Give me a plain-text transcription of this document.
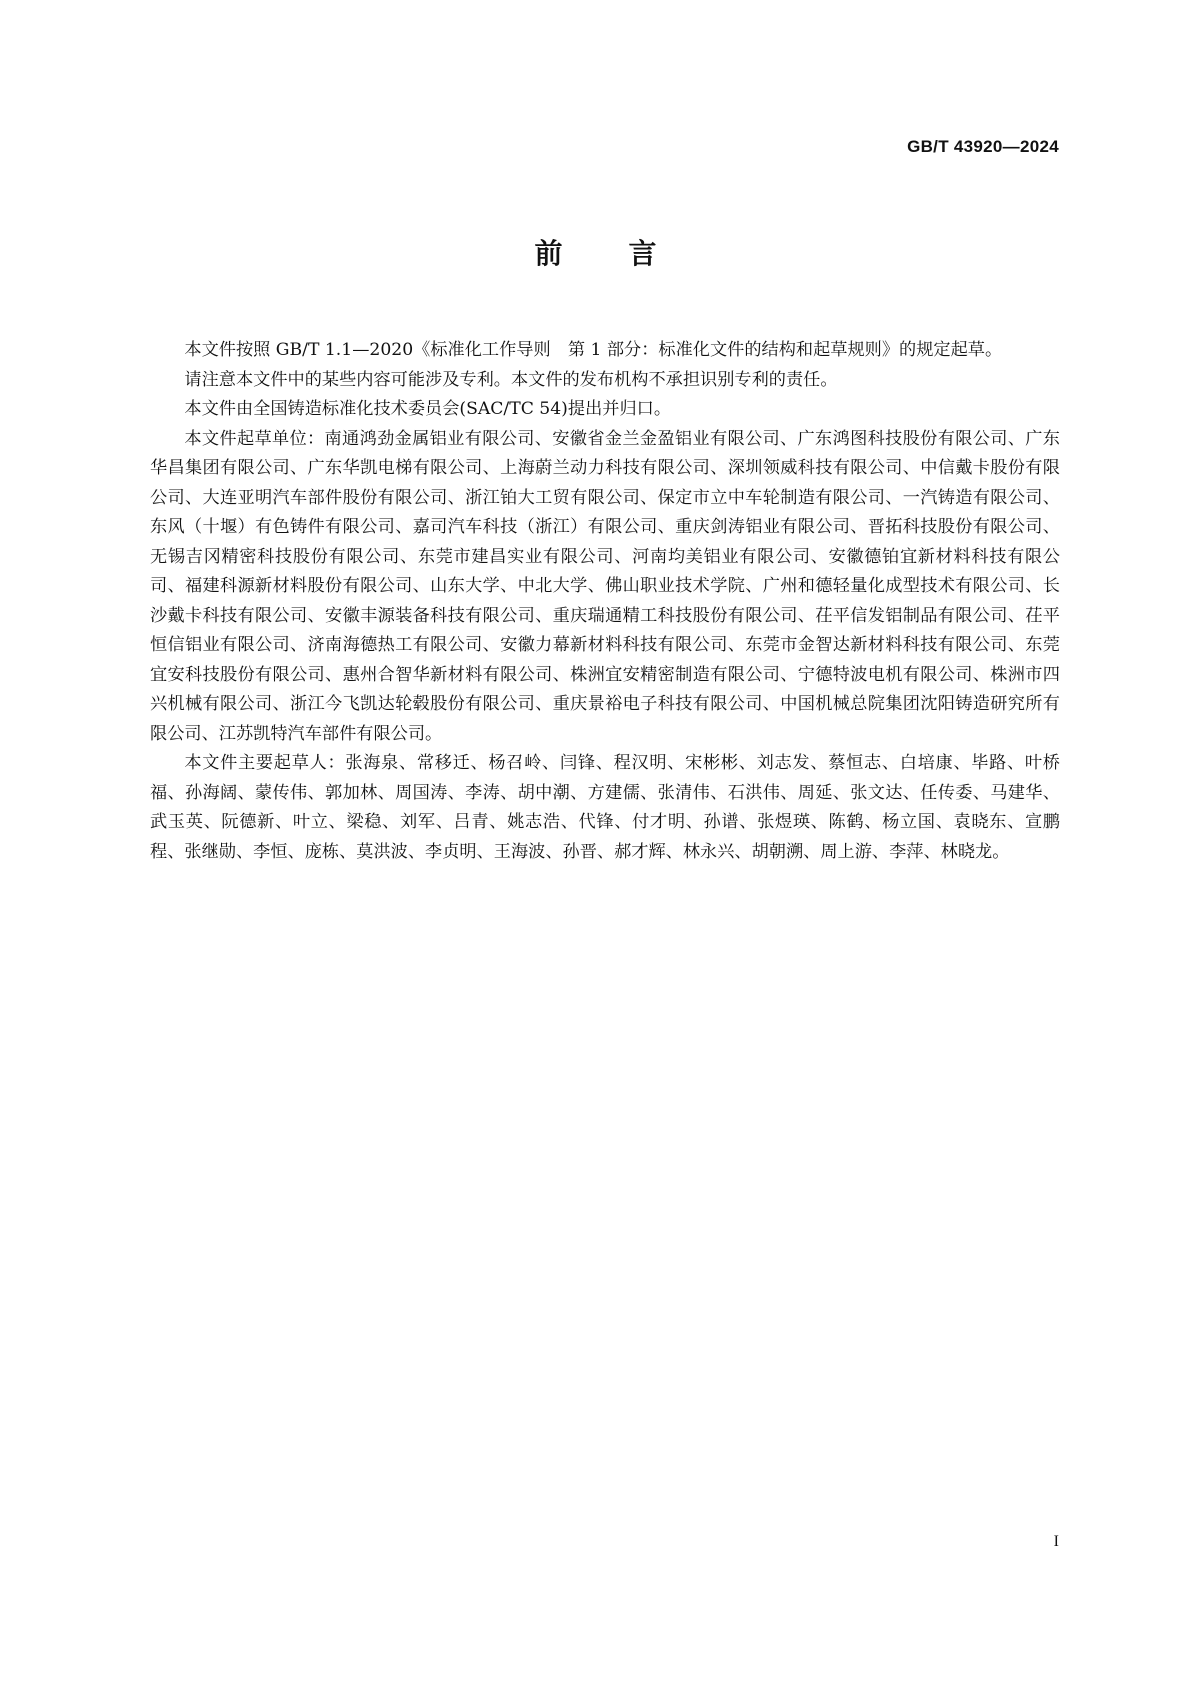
GB/T 43920—2024
前 言

本文件按照 GB/T 1.1—2020《标准化工作导则　第 1 部分：标准化文件的结构和起草规则》的规定起草。

请注意本文件中的某些内容可能涉及专利。本文件的发布机构不承担识别专利的责任。

本文件由全国铸造标准化技术委员会(SAC/TC 54)提出并归口。

本文件起草单位：南通鸿劲金属铝业有限公司、安徽省金兰金盈铝业有限公司、广东鸿图科技股份有限公司、广东华昌集团有限公司、广东华凯电梯有限公司、上海蔚兰动力科技有限公司、深圳领威科技有限公司、中信戴卡股份有限公司、大连亚明汽车部件股份有限公司、浙江铂大工贸有限公司、保定市立中车轮制造有限公司、一汽铸造有限公司、东风（十堰）有色铸件有限公司、嘉司汽车科技（浙江）有限公司、重庆剑涛铝业有限公司、晋拓科技股份有限公司、无锡吉冈精密科技股份有限公司、东莞市建昌实业有限公司、河南均美铝业有限公司、安徽德铂宜新材料科技有限公司、福建科源新材料股份有限公司、山东大学、中北大学、佛山职业技术学院、广州和德轻量化成型技术有限公司、长沙戴卡科技有限公司、安徽丰源装备科技有限公司、重庆瑞通精工科技股份有限公司、茌平信发铝制品有限公司、茌平恒信铝业有限公司、济南海德热工有限公司、安徽力幕新材料科技有限公司、东莞市金智达新材料科技有限公司、东莞宜安科技股份有限公司、惠州合智华新材料有限公司、株洲宜安精密制造有限公司、宁德特波电机有限公司、株洲市四兴机械有限公司、浙江今飞凯达轮毂股份有限公司、重庆景裕电子科技有限公司、中国机械总院集团沈阳铸造研究所有限公司、江苏凯特汽车部件有限公司。

本文件主要起草人：张海泉、常移迁、杨召岭、闫锋、程汉明、宋彬彬、刘志发、蔡恒志、白培康、毕路、叶桥福、孙海阔、蒙传伟、郭加林、周国涛、李涛、胡中潮、方建儒、张清伟、石洪伟、周延、张文达、任传委、马建华、武玉英、阮德新、叶立、梁稳、刘军、吕青、姚志浩、代锋、付才明、孙谱、张煜瑛、陈鹤、杨立国、袁晓东、宣鹏程、张继勋、李恒、庞栋、莫洪波、李贞明、王海波、孙晋、郝才辉、林永兴、胡朝溯、周上游、李萍、林晓龙。

I
